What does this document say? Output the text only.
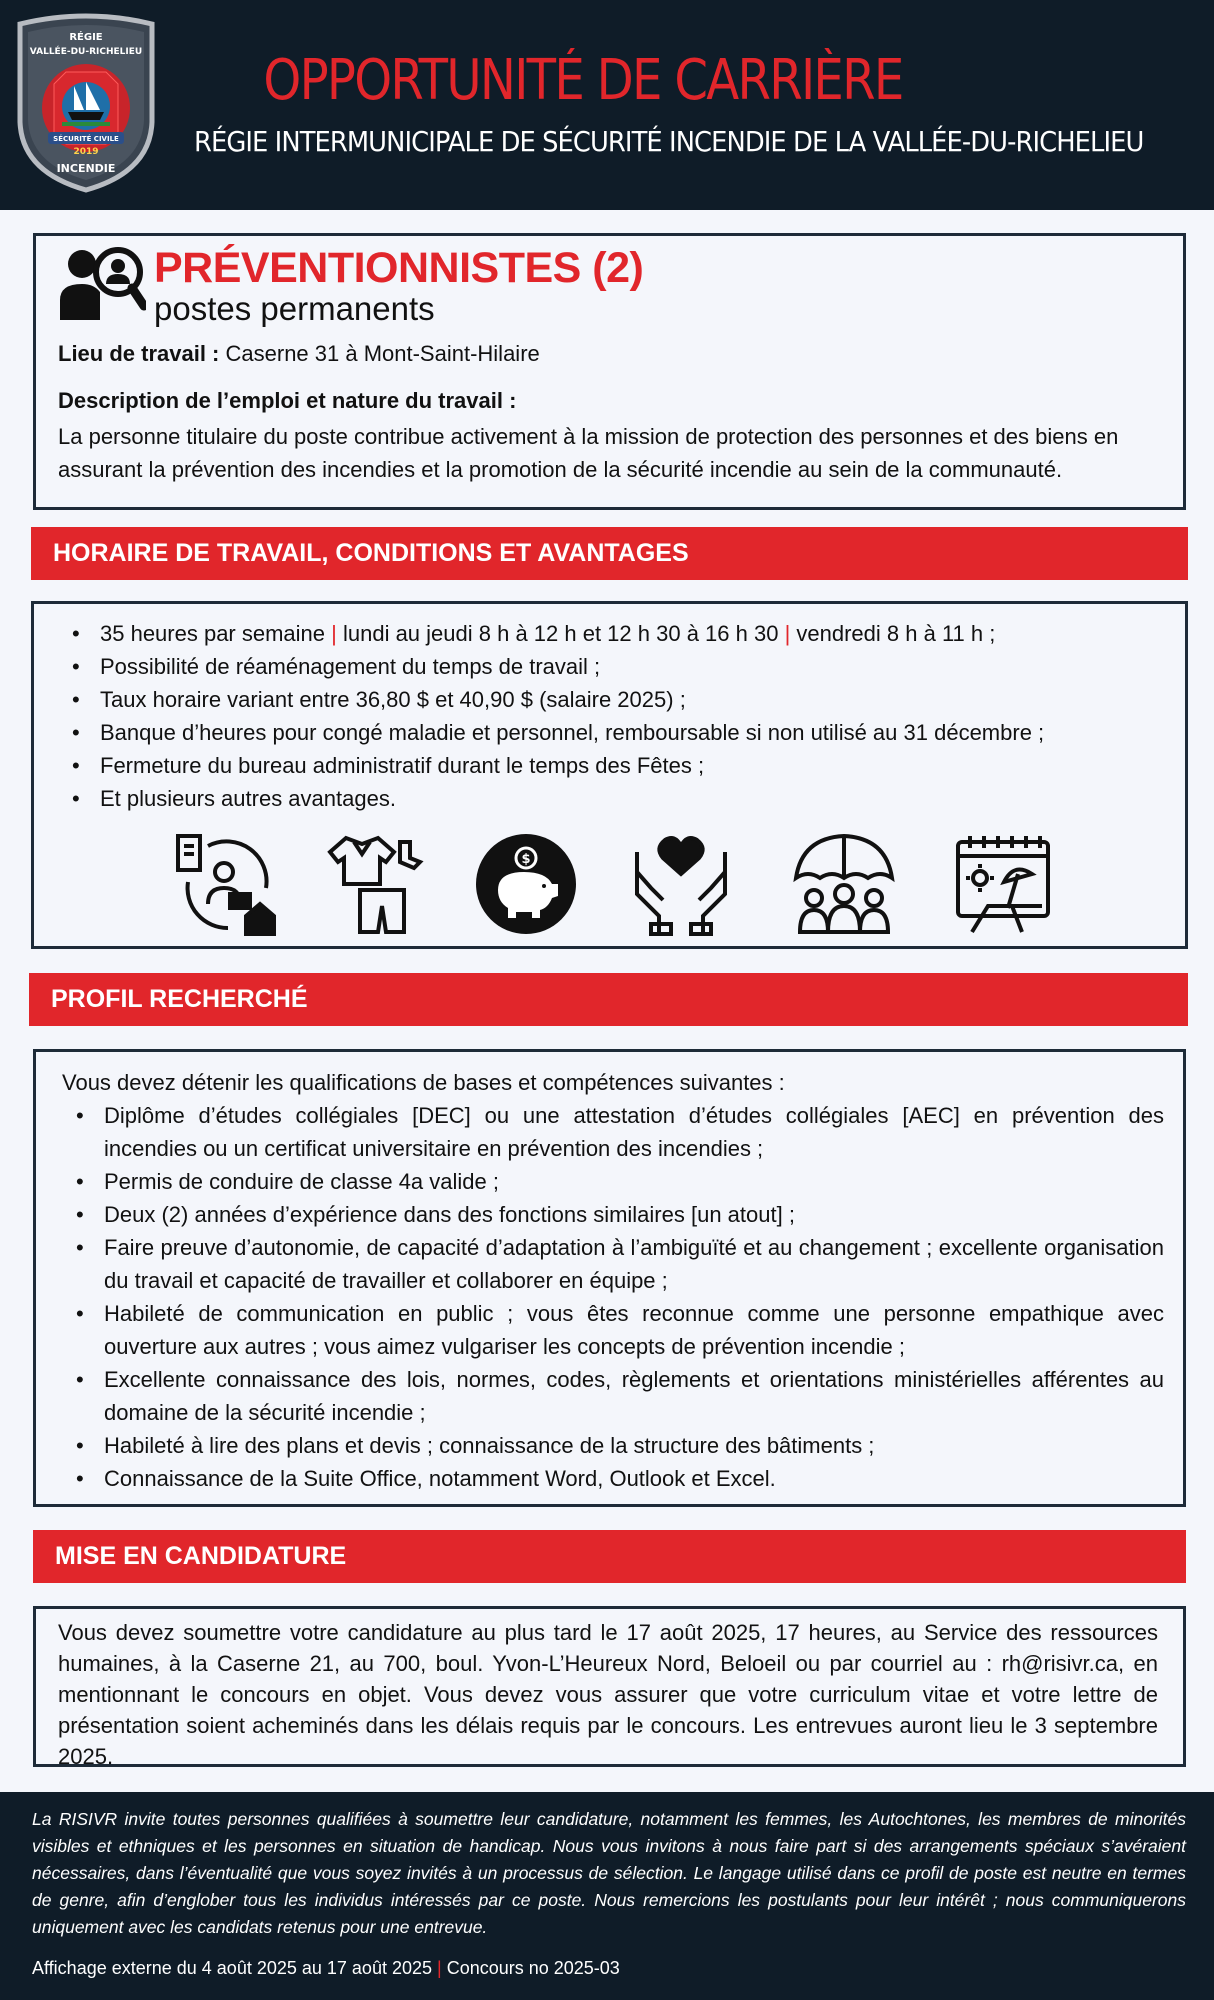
RÉGIE
VALLÉE-DU-RICHELIEU
SÉCURITÉ CIVILE
2019
INCENDIE
OPPORTUNITÉ DE CARRIÈRE
RÉGIE INTERMUNICIPALE DE SÉCURITÉ INCENDIE DE LA VALLÉE-DU-RICHELIEU
PRÉVENTIONNISTES (2)
postes permanents
Lieu de travail : Caserne 31 à Mont-Saint-Hilaire
Description de l’emploi et nature du travail :
La personne titulaire du poste contribue activement à la mission de protection des personnes et des biens en assurant la prévention des incendies et la promotion de la sécurité incendie au sein de la communauté.
HORAIRE DE TRAVAIL, CONDITIONS ET AVANTAGES
• 35 heures par semaine | lundi au jeudi 8 h à 12 h et 12 h 30 à 16 h 30 | vendredi 8 h à 11 h ;
• Possibilité de réaménagement du temps de travail ;
• Taux horaire variant entre 36,80 $ et 40,90 $ (salaire 2025) ;
• Banque d’heures pour congé maladie et personnel, remboursable si non utilisé au 31 décembre ;
• Fermeture du bureau administratif durant le temps des Fêtes ;
• Et plusieurs autres avantages.
$
PROFIL RECHERCHÉ
Vous devez détenir les qualifications de bases et compétences suivantes :
• Diplôme d’études collégiales [DEC] ou une attestation d’études collégiales [AEC] en prévention des incendies ou un certificat universitaire en prévention des incendies ;
• Permis de conduire de classe 4a valide ;
• Deux (2) années d’expérience dans des fonctions similaires [un atout] ;
• Faire preuve d’autonomie, de capacité d’adaptation à l’ambiguïté et au changement ; excellente organisation du travail et capacité de travailler et collaborer en équipe ;
• Habileté de communication en public ; vous êtes reconnue comme une personne empathique avec ouverture aux autres ; vous aimez vulgariser les concepts de prévention incendie ;
• Excellente connaissance des lois, normes, codes, règlements et orientations ministérielles afférentes au domaine de la sécurité incendie ;
• Habileté à lire des plans et devis ; connaissance de la structure des bâtiments ;
• Connaissance de la Suite Office, notamment Word, Outlook et Excel.
MISE EN CANDIDATURE
Vous devez soumettre votre candidature au plus tard le 17 août 2025, 17 heures, au Service des ressources humaines, à la Caserne 21, au 700, boul. Yvon-L’Heureux Nord, Beloeil ou par courriel au : rh@risivr.ca, en mentionnant le concours en objet. Vous devez vous assurer que votre curriculum vitae et votre lettre de présentation soient acheminés dans les délais requis par le concours. Les entrevues auront lieu le 3 septembre 2025.
La RISIVR invite toutes personnes qualifiées à soumettre leur candidature, notamment les femmes, les Autochtones, les membres de minorités visibles et ethniques et les personnes en situation de handicap. Nous vous invitons à nous faire part si des arrangements spéciaux s’avéraient nécessaires, dans l’éventualité que vous soyez invités à un processus de sélection. Le langage utilisé dans ce profil de poste est neutre en termes de genre, afin d’englober tous les individus intéressés par ce poste. Nous remercions les postulants pour leur intérêt ; nous communiquerons uniquement avec les candidats retenus pour une entrevue.
Affichage externe du 4 août 2025 au 17 août 2025 | Concours no 2025-03
